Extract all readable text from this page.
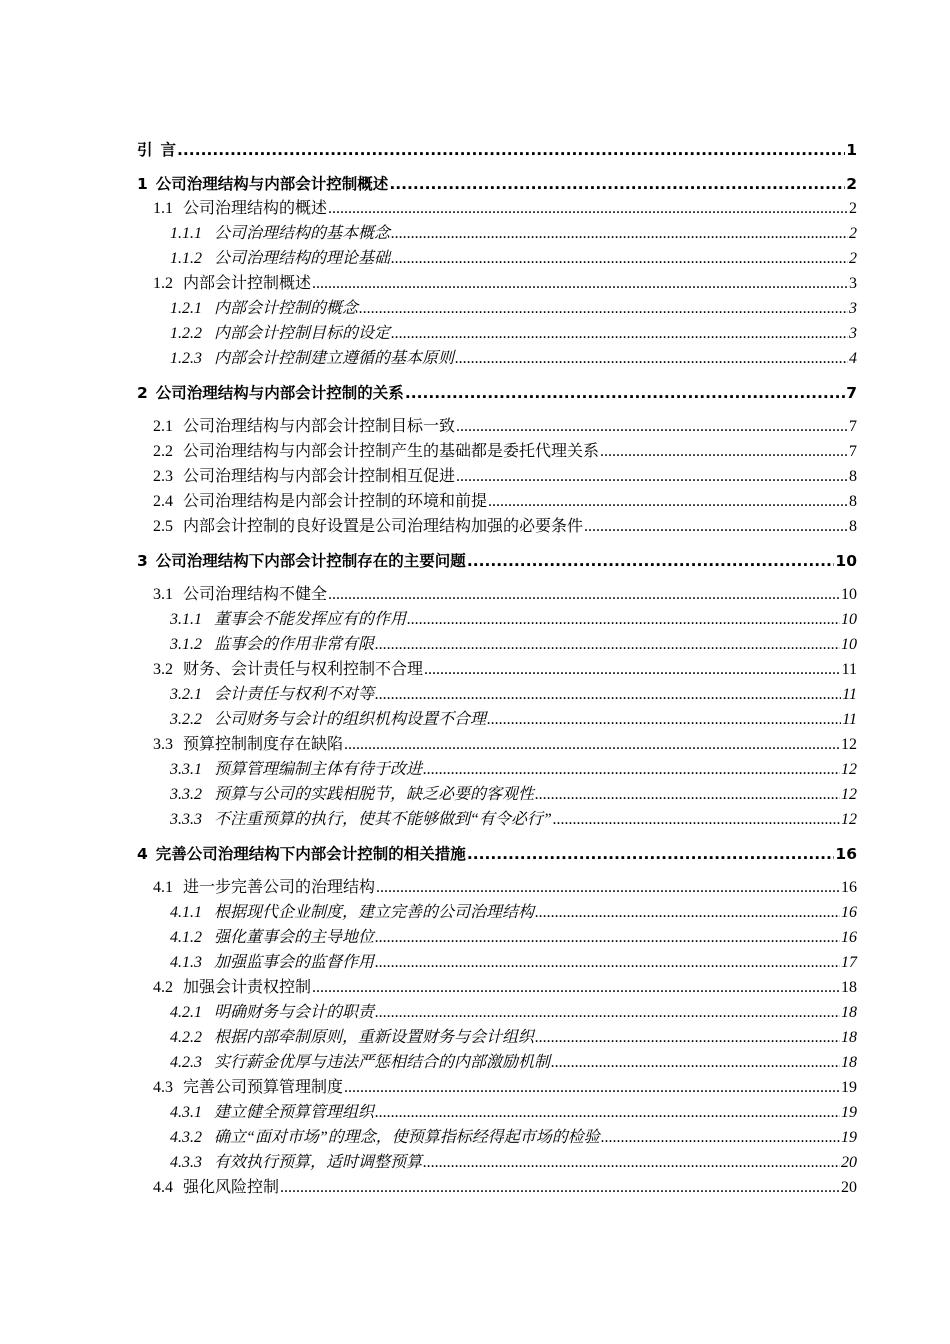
引 言 .....	1
1 公司治理结构与内部会计控制概述 .....	2
1.1 公司治理结构的概述 .....	2
1.1.1 公司治理结构的基本概念 .....	2
1.1.2 公司治理结构的理论基础 .....	2
1.2 内部会计控制概述 .....	3
1.2.1 内部会计控制的概念 .....	3
1.2.2 内部会计控制目标的设定 .....	3
1.2.3 内部会计控制建立遵循的基本原则 .....	4
2 公司治理结构与内部会计控制的关系 .....	7
2.1 公司治理结构与内部会计控制目标一致 .....	7
2.2 公司治理结构与内部会计控制产生的基础都是委托代理关系 .....	7
2.3 公司治理结构与内部会计控制相互促进 .....	8
2.4 公司治理结构是内部会计控制的环境和前提 .....	8
2.5 内部会计控制的良好设置是公司治理结构加强的必要条件 .....	8
3 公司治理结构下内部会计控制存在的主要问题 .....	10
3.1 公司治理结构不健全 .....	10
3.1.1 董事会不能发挥应有的作用 .....	10
3.1.2 监事会的作用非常有限 .....	10
3.2 财务、会计责任与权利控制不合理 .....	11
3.2.1 会计责任与权利不对等 .....	11
3.2.2 公司财务与会计的组织机构设置不合理 .....	11
3.3 预算控制制度存在缺陷 .....	12
3.3.1 预算管理编制主体有待于改进 .....	12
3.3.2 预算与公司的实践相脱节，缺乏必要的客观性 .....	12
3.3.3 不注重预算的执行，使其不能够做到“有令必行” .....	12
4 完善公司治理结构下内部会计控制的相关措施 .....	16
4.1 进一步完善公司的治理结构 .....	16
4.1.1 根据现代企业制度，建立完善的公司治理结构 .....	16
4.1.2 强化董事会的主导地位 .....	16
4.1.3 加强监事会的监督作用 .....	17
4.2 加强会计责权控制 .....	18
4.2.1 明确财务与会计的职责 .....	18
4.2.2 根据内部牵制原则，重新设置财务与会计组织 .....	18
4.2.3 实行薪金优厚与违法严惩相结合的内部激励机制 .....	18
4.3 完善公司预算管理制度 .....	19
4.3.1 建立健全预算管理组织 .....	19
4.3.2 确立“面对市场”的理念，使预算指标经得起市场的检验 .....	19
4.3.3 有效执行预算，适时调整预算 .....	20
4.4 强化风险控制 .....	20
